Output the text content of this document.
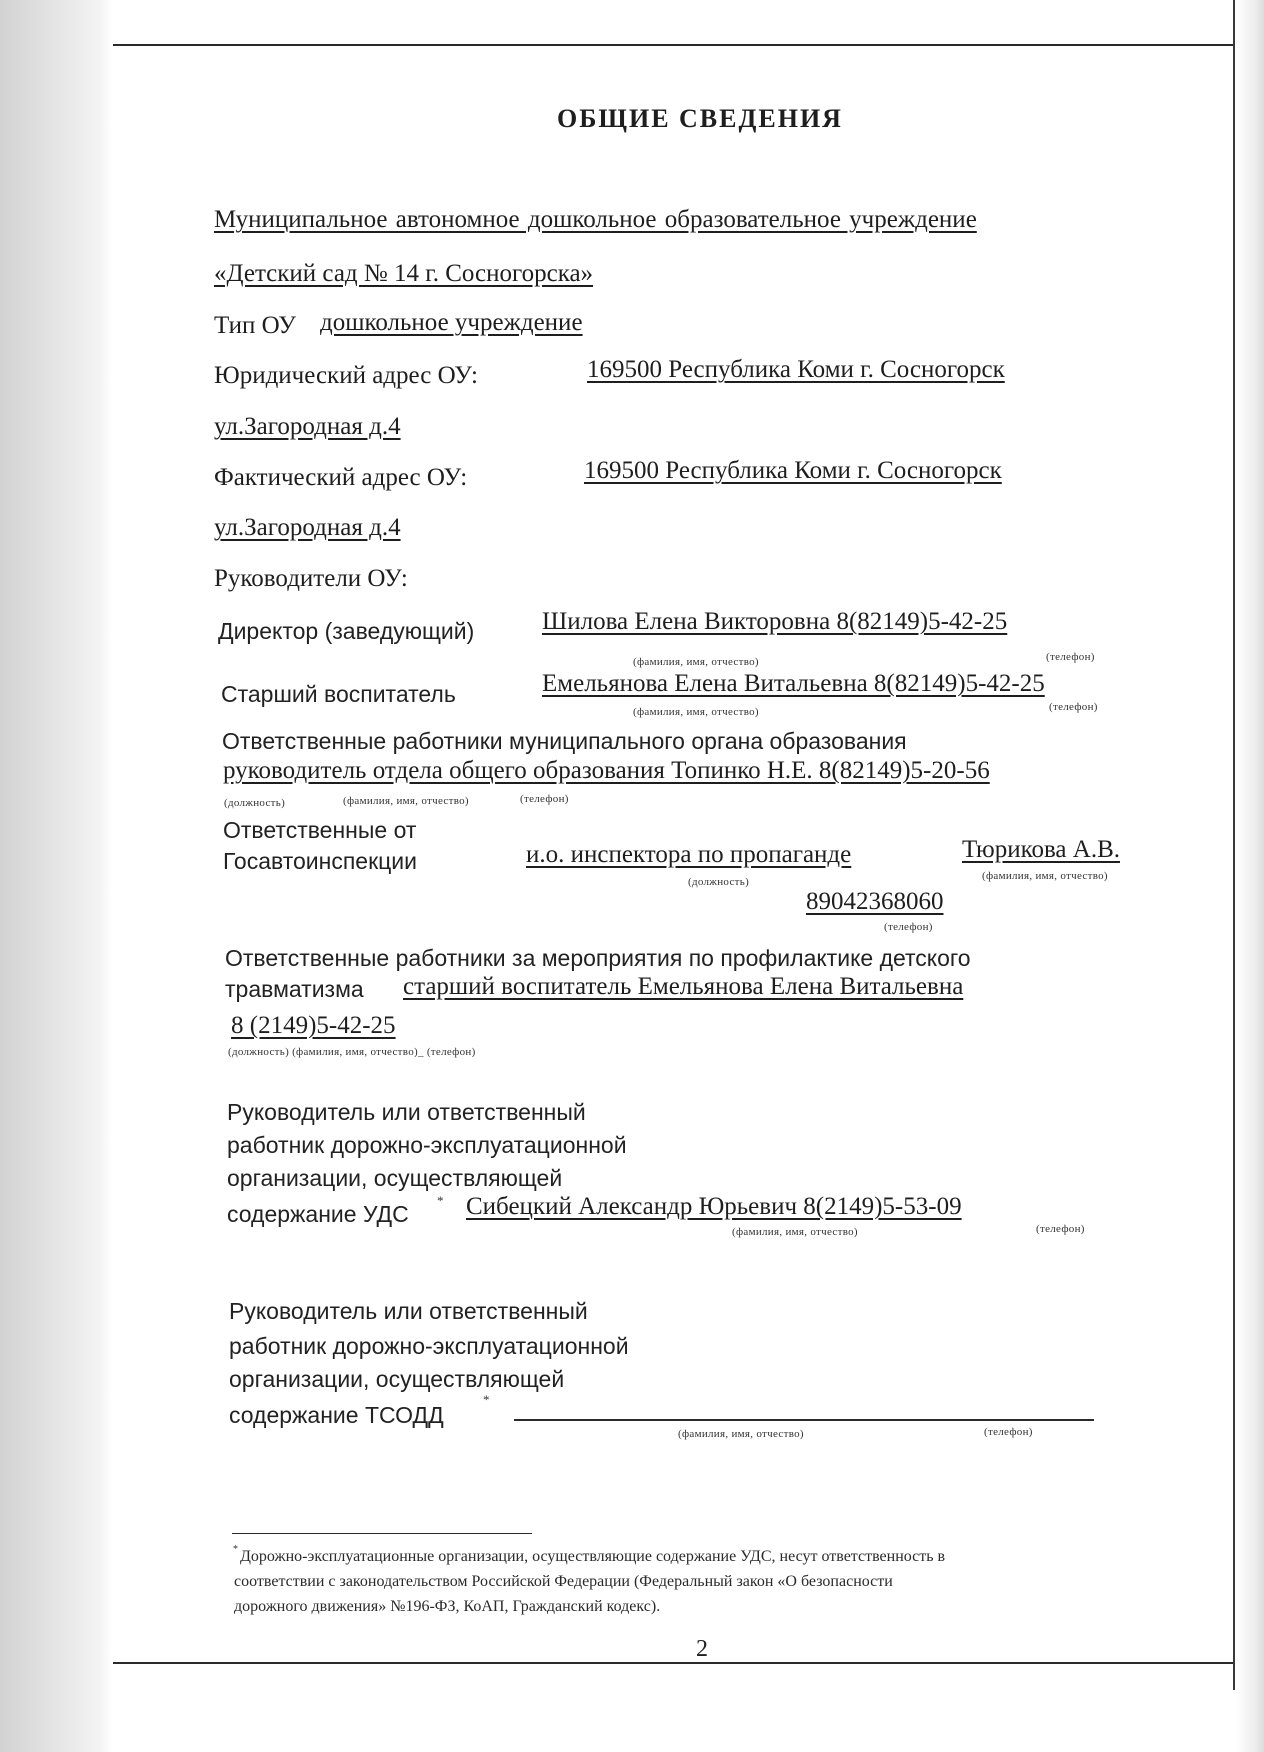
ОБЩИЕ СВЕДЕНИЯ
Муниципальное автономное дошкольное образовательное учреждение
«Детский сад № 14 г. Сосногорска»
Тип ОУ дошкольное учреждение
Юридический адрес ОУ:	169500 Республика Коми г. Сосногорск
ул.Загородная д.4
Фактический адрес ОУ:	169500 Республика Коми г. Сосногорск
ул.Загородная д.4
Руководители ОУ:
Директор (заведующий)	Шилова Елена Викторовна 8(82149)5-42-25
(фамилия, имя, отчество)	(телефон)
Старший воспитатель	Емельянова Елена Витальевна 8(82149)5-42-25
(фамилия, имя, отчество)	(телефон)
Ответственные работники муниципального органа образования
руководитель отдела общего образования Топинко Н.Е. 8(82149)5-20-56
(должность)	(фамилия, имя, отчество)	(телефон)
Ответственные от
Госавтоинспекции	и.о. инспектора по пропаганде	Тюрикова А.В.
(должность)	(фамилия, имя, отчество)
89042368060
(телефон)
Ответственные работники за мероприятия по профилактике детского
травматизма старший воспитатель Емельянова Елена Витальевна
8 (2149)5-42-25
(должность) (фамилия, имя, отчество)_ (телефон)
Руководитель или ответственный
работник дорожно-эксплуатационной
организации, осуществляющей
содержание УДС
* Сибецкий Александр Юрьевич 8(2149)5-53-09
(фамилия, имя, отчество)	(телефон)
Руководитель или ответственный
работник дорожно-эксплуатационной
организации, осуществляющей
содержание ТСОДД
*
(фамилия, имя, отчество)	(телефон)
* Дорожно-эксплуатационные организации, осуществляющие содержание УДС, несут ответственность в
соответствии с законодательством Российской Федерации (Федеральный закон «О безопасности
дорожного движения» №196-ФЗ, КоАП, Гражданский кодекс).
2
